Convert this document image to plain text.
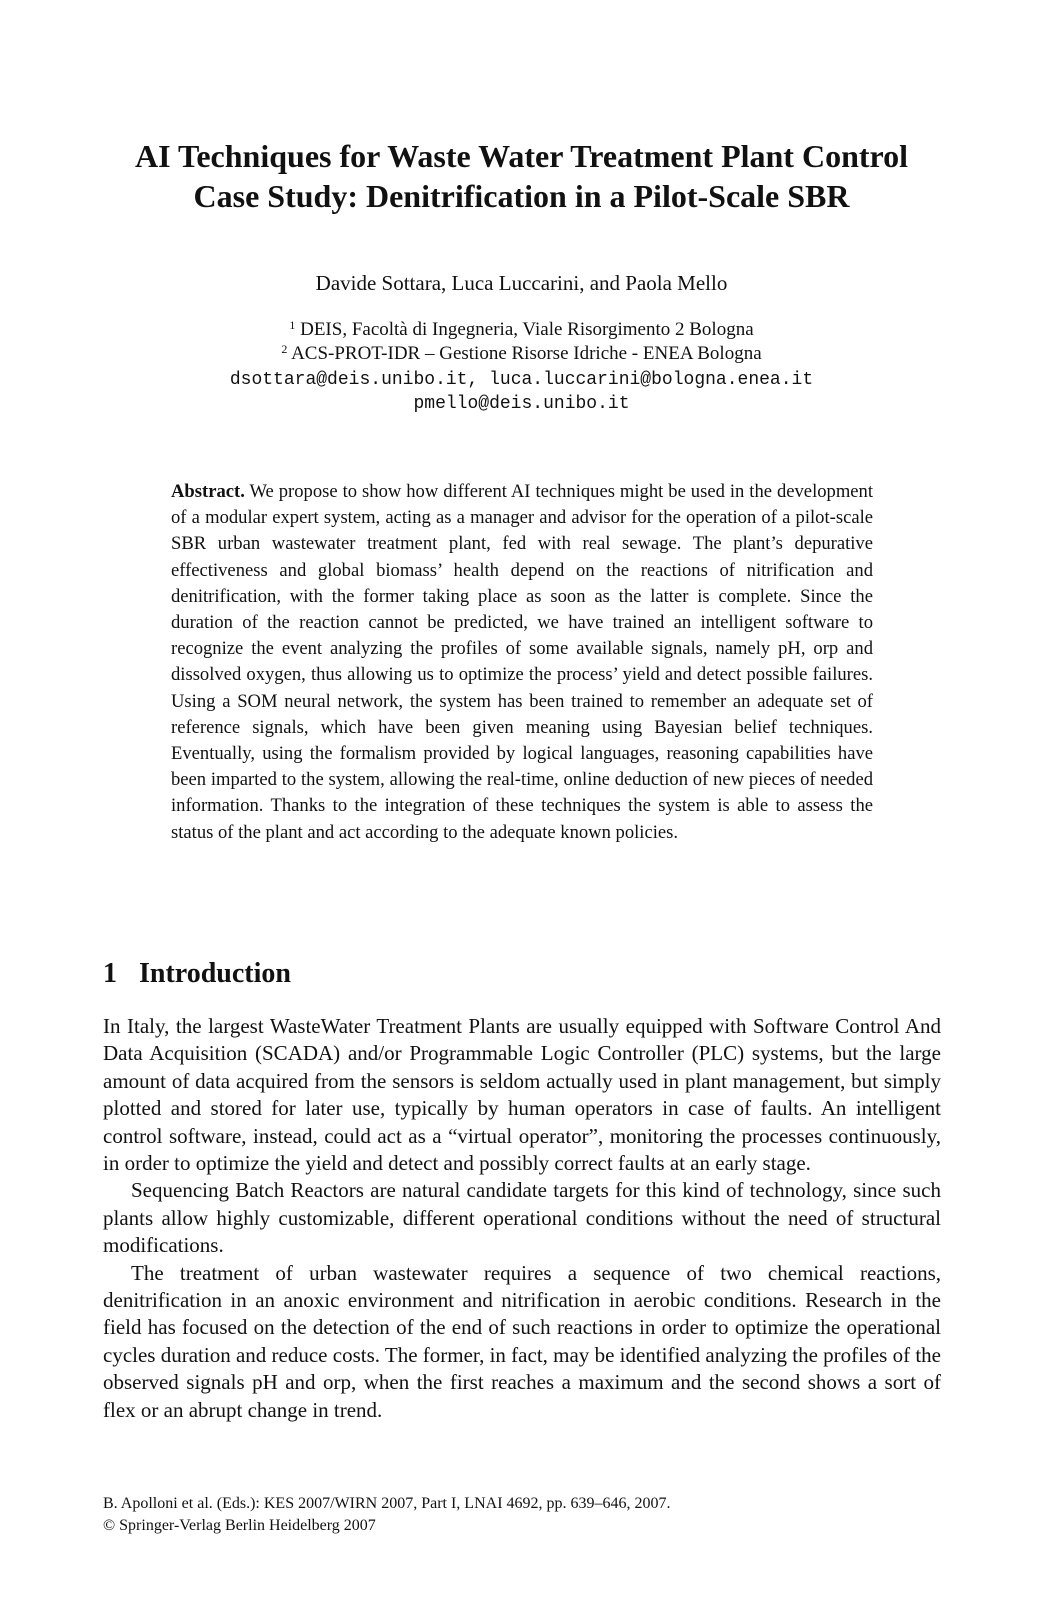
AI Techniques for Waste Water Treatment Plant Control
Case Study: Denitrification in a Pilot-Scale SBR
Davide Sottara, Luca Luccarini, and Paola Mello
$^1$ DEIS, Facoltà di Ingegneria, Viale Risorgimento 2 Bologna
$^2$ ACS-PROT-IDR – Gestione Risorse Idriche - ENEA Bologna
dsottara@deis.unibo.it, luca.luccarini@bologna.enea.it
pmello@deis.unibo.it

Abstract. We propose to show how different AI techniques might be used in the development of a modular expert system, acting as a manager and advisor for the operation of a pilot-scale SBR urban wastewater treatment plant, fed with real sewage. The plant’s depurative effectiveness and global biomass’ health depend on the reactions of nitrification and denitrification, with the former taking place as soon as the latter is complete. Since the duration of the reaction cannot be predicted, we have trained an intelligent software to recognize the event analyzing the profiles of some available signals, namely pH, orp and dissolved oxygen, thus allowing us to optimize the process’ yield and detect possible failures. Using a SOM neural network, the system has been trained to remember an adequate set of reference signals, which have been given meaning using Bayesian belief techniques. Eventually, using the formalism provided by logical languages, reasoning capabilities have been imparted to the system, allowing the real-time, online deduction of new pieces of needed information. Thanks to the integration of these techniques the system is able to assess the status of the plant and act according to the adequate known policies.

1 Introduction

In Italy, the largest WasteWater Treatment Plants are usually equipped with Software Control And Data Acquisition (SCADA) and/or Programmable Logic Controller (PLC) systems, but the large amount of data acquired from the sensors is seldom actually used in plant management, but simply plotted and stored for later use, typically by human operators in case of faults. An intelligent control software, instead, could act as a “virtual operator”, monitoring the processes continuously, in order to optimize the yield and detect and possibly correct faults at an early stage.

Sequencing Batch Reactors are natural candidate targets for this kind of technology, since such plants allow highly customizable, different operational conditions without the need of structural modifications.

The treatment of urban wastewater requires a sequence of two chemical reactions, denitrification in an anoxic environment and nitrification in aerobic conditions. Research in the field has focused on the detection of the end of such reactions in order to optimize the operational cycles duration and reduce costs. The former, in fact, may be identified analyzing the profiles of the observed signals pH and orp, when the first reaches a maximum and the second shows a sort of flex or an abrupt change in trend.

B. Apolloni et al. (Eds.): KES 2007/WIRN 2007, Part I, LNAI 4692, pp. 639–646, 2007.
© Springer-Verlag Berlin Heidelberg 2007
